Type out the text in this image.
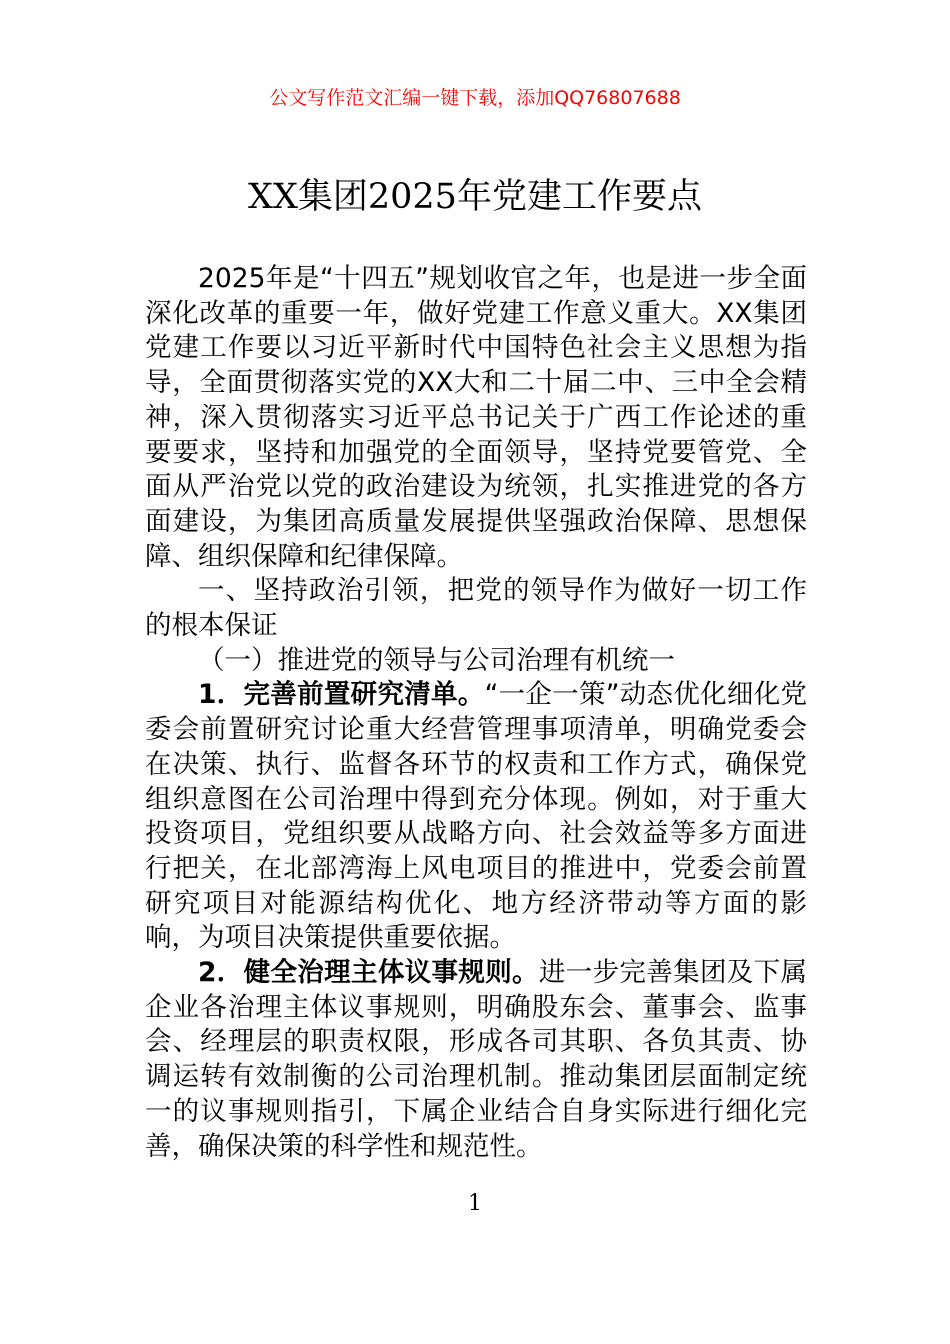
公文写作范文汇编一键下载，添加QQ76807688
XX集团2025年党建工作要点

2025年是“十四五”规划收官之年，也是进一步全面深化改革的重要一年，做好党建工作意义重大。XX集团党建工作要以习近平新时代中国特色社会主义思想为指导，全面贯彻落实党的XX大和二十届二中、三中全会精神，深入贯彻落实习近平总书记关于广西工作论述的重要要求，坚持和加强党的全面领导，坚持党要管党、全面从严治党以党的政治建设为统领，扎实推进党的各方面建设，为集团高质量发展提供坚强政治保障、思想保障、组织保障和纪律保障。

一、坚持政治引领，把党的领导作为做好一切工作的根本保证

（一）推进党的领导与公司治理有机统一

1．完善前置研究清单。“一企一策”动态优化细化党委会前置研究讨论重大经营管理事项清单，明确党委会在决策、执行、监督各环节的权责和工作方式，确保党组织意图在公司治理中得到充分体现。例如，对于重大投资项目，党组织要从战略方向、社会效益等多方面进行把关，在北部湾海上风电项目的推进中，党委会前置研究项目对能源结构优化、地方经济带动等方面的影响，为项目决策提供重要依据。

2．健全治理主体议事规则。进一步完善集团及下属企业各治理主体议事规则，明确股东会、董事会、监事会、经理层的职责权限，形成各司其职、各负其责、协调运转有效制衡的公司治理机制。推动集团层面制定统一的议事规则指引，下属企业结合自身实际进行细化完善，确保决策的科学性和规范性。

1
